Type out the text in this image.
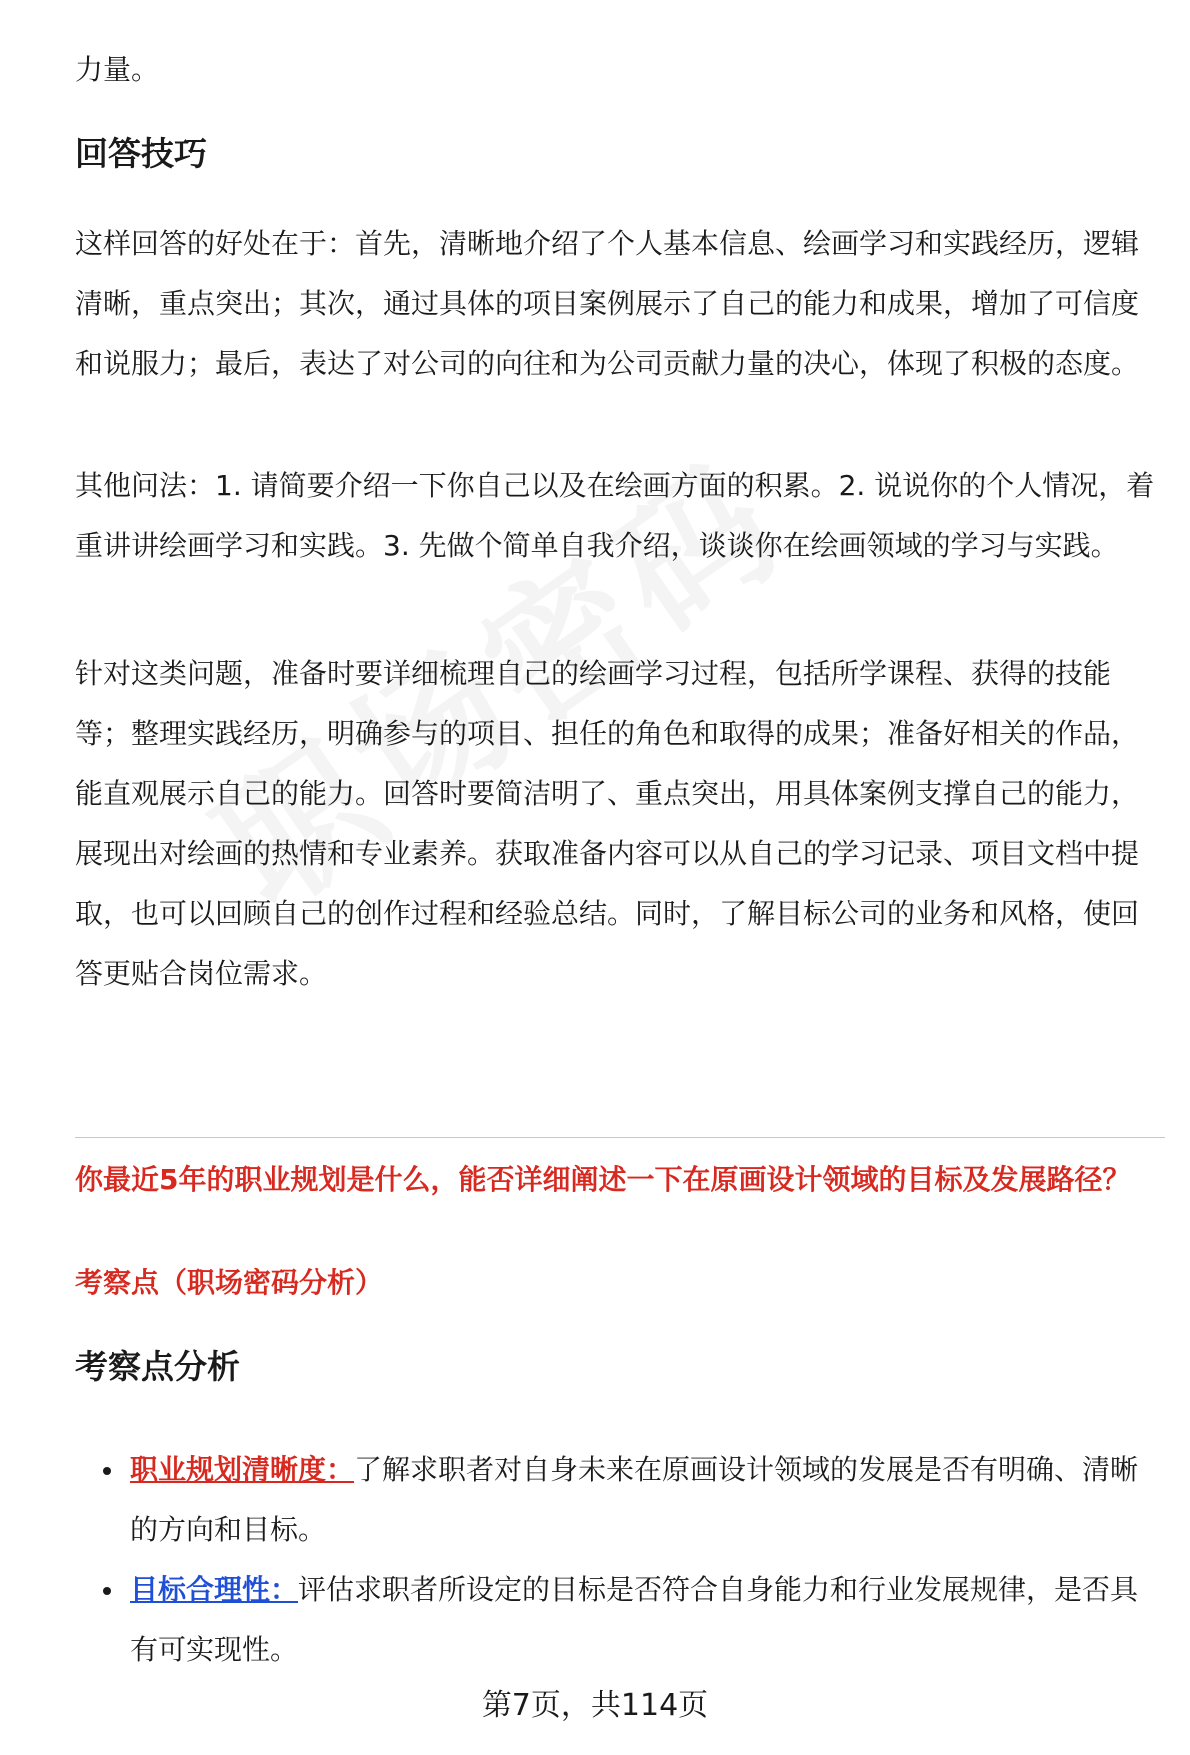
力量。

回答技巧

这样回答的好处在于：首先，清晰地介绍了个人基本信息、绘画学习和实践经历，逻辑清晰，重点突出；其次，通过具体的项目案例展示了自己的能力和成果，增加了可信度和说服力；最后，表达了对公司的向往和为公司贡献力量的决心，体现了积极的态度。

其他问法：1. 请简要介绍一下你自己以及在绘画方面的积累。2. 说说你的个人情况，着重讲讲绘画学习和实践。3. 先做个简单自我介绍，谈谈你在绘画领域的学习与实践。

针对这类问题，准备时要详细梳理自己的绘画学习过程，包括所学课程、获得的技能等；整理实践经历，明确参与的项目、担任的角色和取得的成果；准备好相关的作品，能直观展示自己的能力。回答时要简洁明了、重点突出，用具体案例支撑自己的能力，展现出对绘画的热情和专业素养。获取准备内容可以从自己的学习记录、项目文档中提取，也可以回顾自己的创作过程和经验总结。同时，了解目标公司的业务和风格，使回答更贴合岗位需求。

你最近5年的职业规划是什么，能否详细阐述一下在原画设计领域的目标及发展路径？

考察点（职场密码分析）

考察点分析
职业规划清晰度：了解求职者对自身未来在原画设计领域的发展是否有明确、清晰的方向和目标。
目标合理性：评估求职者所设定的目标是否符合自身能力和行业发展规律，是否具有可实现性。
第7页，共114页
